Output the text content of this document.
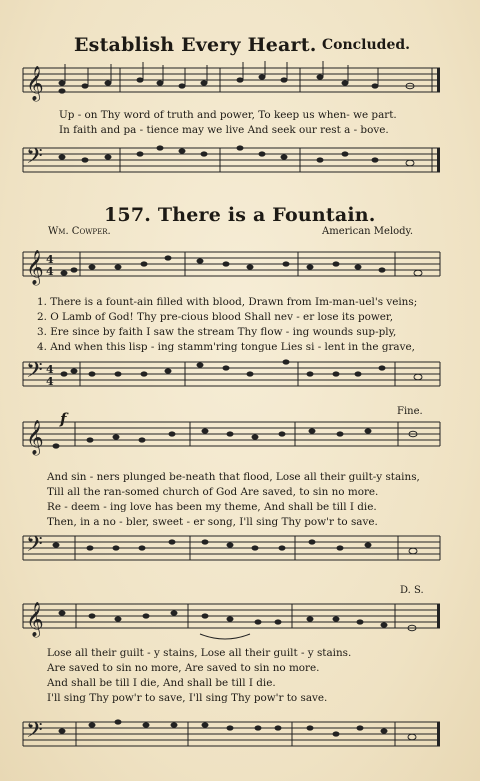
Establish Every Heart. Concluded.
𝄞
Up - on Thy word of truth and power, To keep us when- we part.
In faith and pa - tience may we live And seek our rest a - bove.
𝄢
157. There is a Fountain.
Wm. Cowper.	American Melody.
𝄞 4
4
1. There is a fount-ain filled with blood, Drawn from Im-man-uel's veins;
2. O Lamb of God! Thy pre-cious blood Shall nev - er lose its power,
3. Ere since by faith I saw the stream Thy flow - ing wounds sup-ply,
4. And when this lisp - ing stamm'ring tongue Lies si - lent in the grave,
𝄢 4
4
f	Fine.
𝄞
And sin - ners plunged be-neath that flood, Lose all their guilt-y stains,
Till all the ran-somed church of God Are saved, to sin no more.
Re - deem - ing love has been my theme, And shall be till I die.
Then, in a no - bler, sweet - er song, I'll sing Thy pow'r to save.
𝄢
D. S.
𝄞
Lose all their guilt - y stains, Lose all their guilt - y stains.
Are saved to sin no more, Are saved to sin no more.
And shall be till I die, And shall be till I die.
I'll sing Thy pow'r to save, I'll sing Thy pow'r to save.
𝄢
